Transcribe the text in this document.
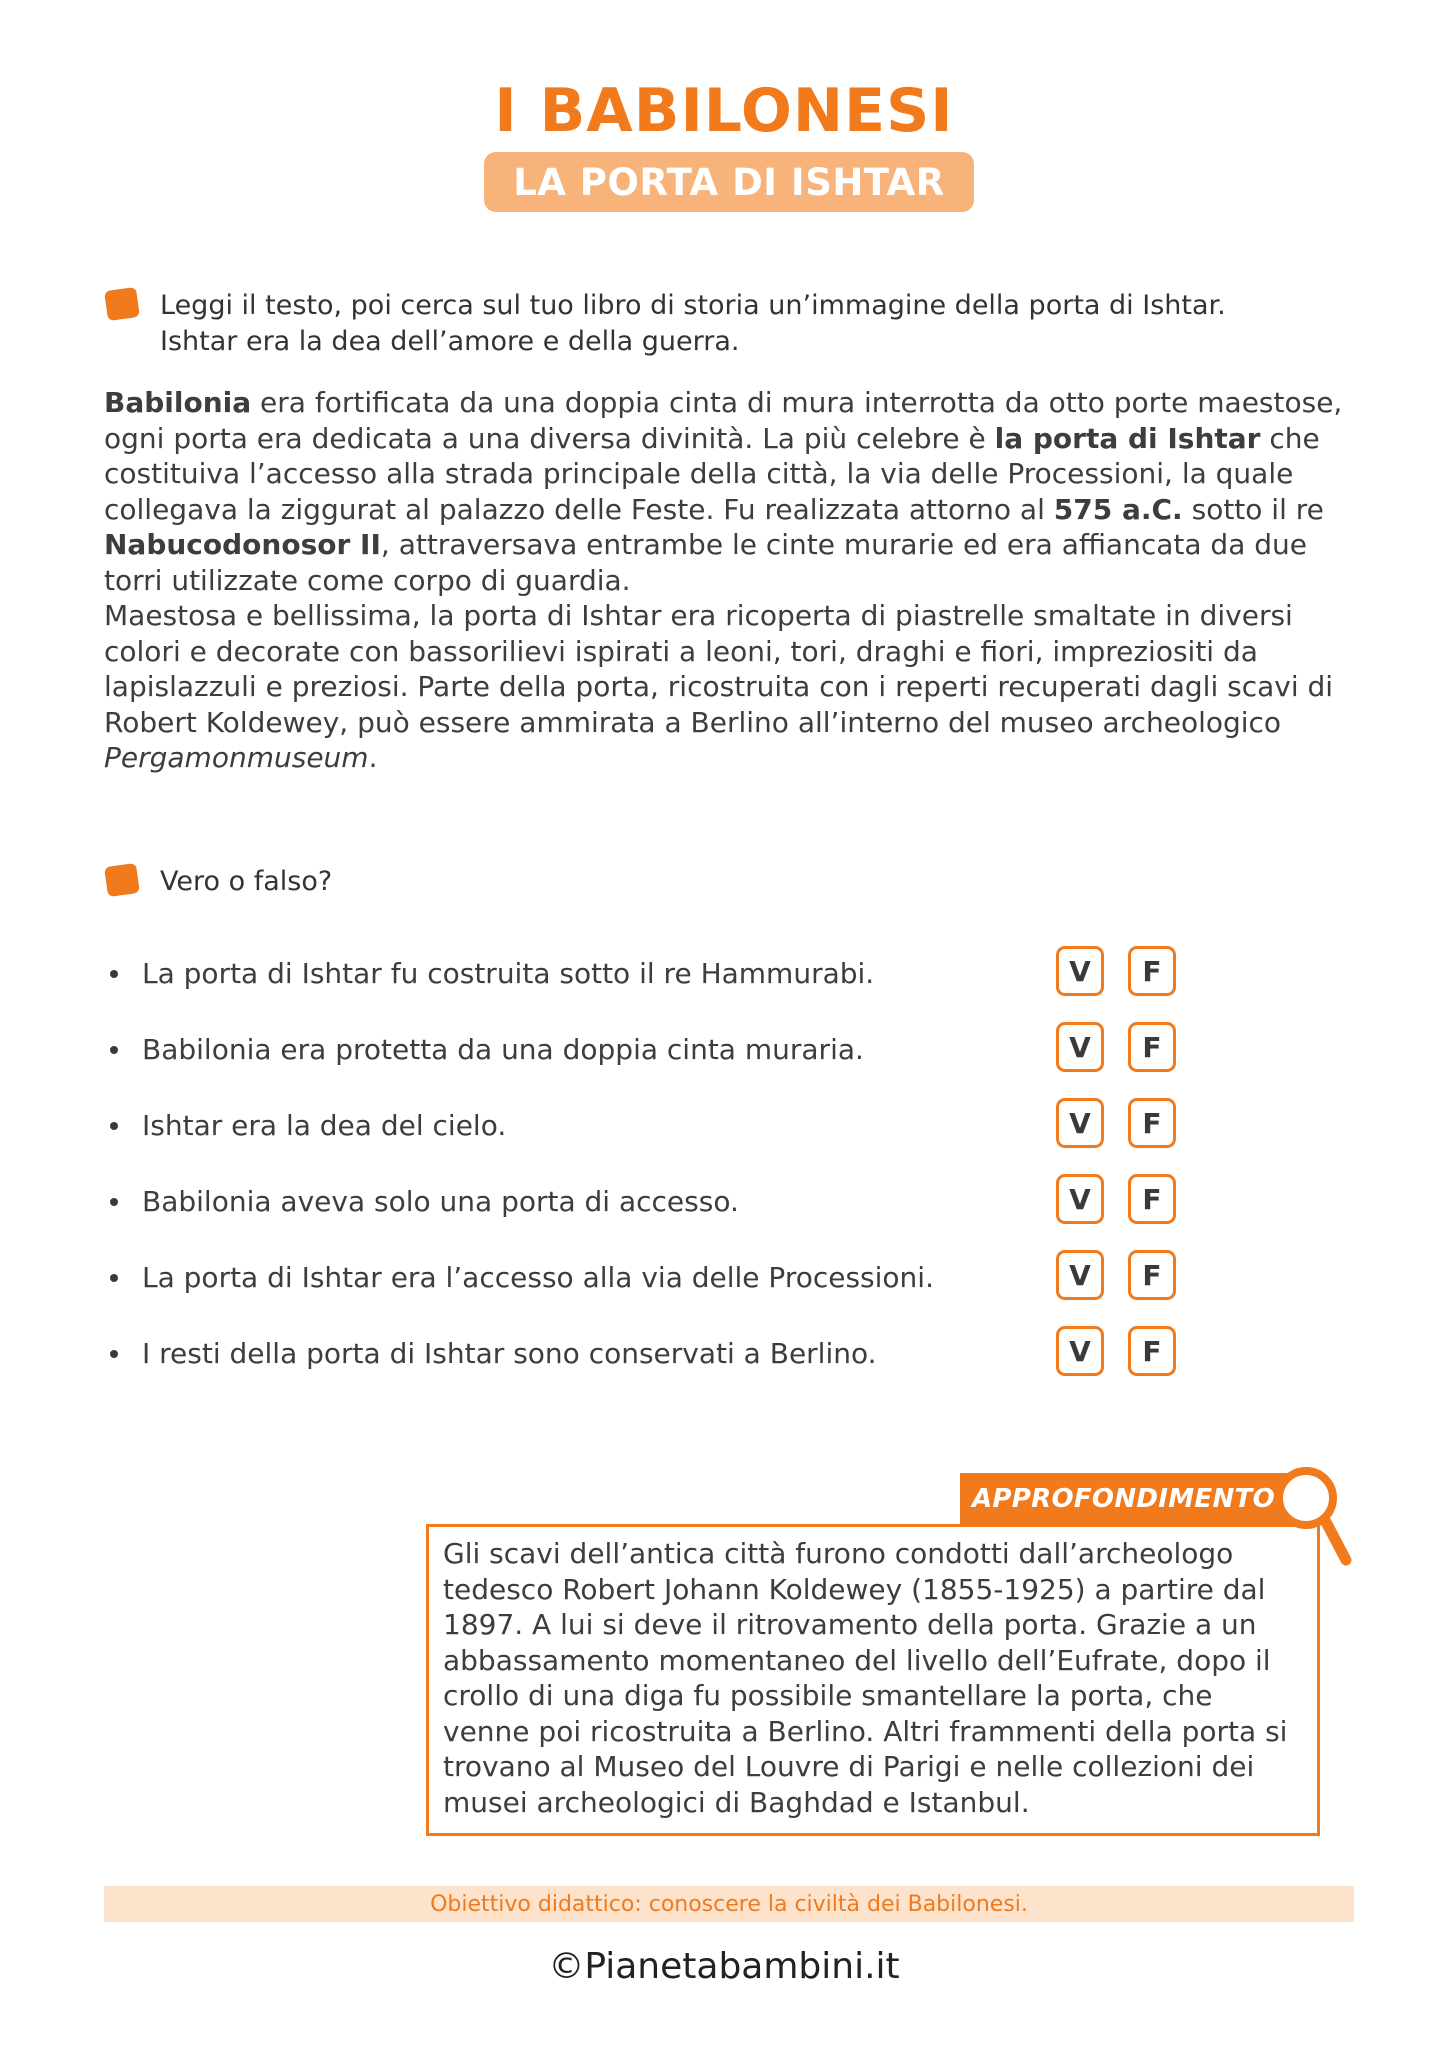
I BABILONESI
LA PORTA DI ISHTAR
Leggi il testo, poi cerca sul tuo libro di storia un’immagine della porta di Ishtar.
Ishtar era la dea dell’amore e della guerra.

Babilonia era fortificata da una doppia cinta di mura interrotta da otto porte maestose, ogni porta era dedicata a una diversa divinità. La più celebre è la porta di Ishtar che costituiva l’accesso alla strada principale della città, la via delle Processioni, la quale collegava la ziggurat al palazzo delle Feste. Fu realizzata attorno al 575 a.C. sotto il re Nabucodonosor II, attraversava entrambe le cinte murarie ed era affiancata da due torri utilizzate come corpo di guardia.

Maestosa e bellissima, la porta di Ishtar era ricoperta di piastrelle smaltate in diversi colori e decorate con bassorilievi ispirati a leoni, tori, draghi e fiori, impreziositi da lapislazzuli e preziosi. Parte della porta, ricostruita con i reperti recuperati dagli scavi di Robert Koldewey, può essere ammirata a Berlino all’interno del museo archeologico Pergamonmuseum.

Vero o falso?
La porta di Ishtar fu costruita sotto il re Hammurabi.	V	F
Babilonia era protetta da una doppia cinta muraria.	V	F
Ishtar era la dea del cielo.	V	F
Babilonia aveva solo una porta di accesso.	V	F
La porta di Ishtar era l’accesso alla via delle Processioni.	V	F
I resti della porta di Ishtar sono conservati a Berlino.	V	F
APPROFONDIMENTO
Gli scavi dell’antica città furono condotti dall’archeologo tedesco Robert Johann Koldewey (1855-1925) a partire dal 1897. A lui si deve il ritrovamento della porta. Grazie a un abbassamento momentaneo del livello dell’Eufrate, dopo il crollo di una diga fu possibile smantellare la porta, che venne poi ricostruita a Berlino. Altri frammenti della porta si trovano al Museo del Louvre di Parigi e nelle collezioni dei musei archeologici di Baghdad e Istanbul.
Obiettivo didattico: conoscere la civiltà dei Babilonesi.
©Pianetabambini.it
